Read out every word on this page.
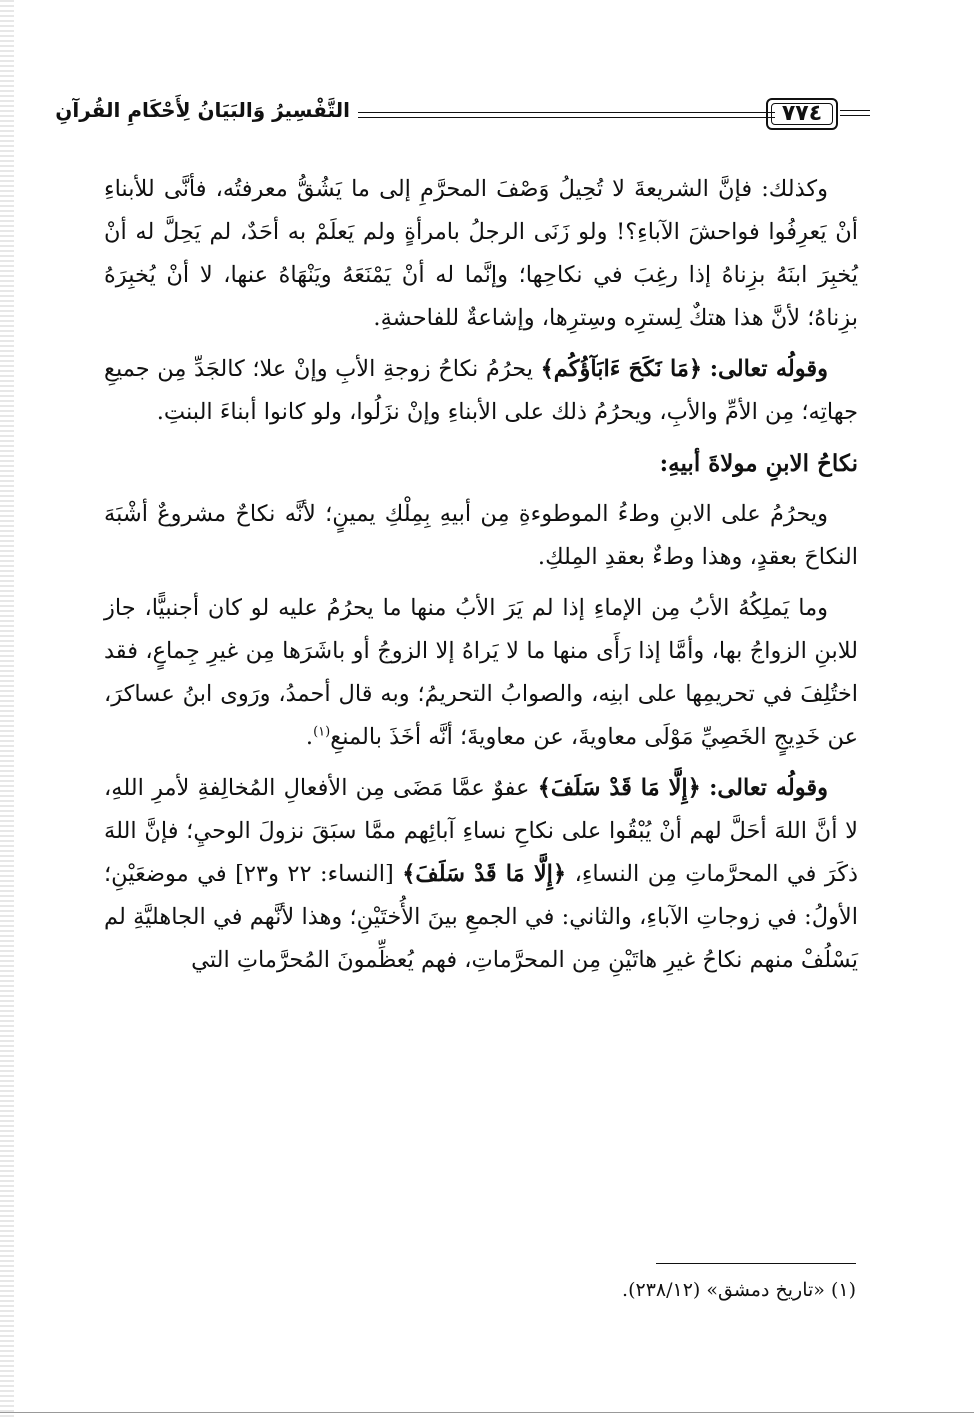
التَّفْسِيرُ وَالبَيَانُ لِأَحْكَامِ القُرآنِ	٧٧٤

وكذلك: فإنَّ الشريعةَ لا تُحِيلُ وَصْفَ المحرَّمِ إلى ما يَشُقُّ معرفتُه، فأنَّى للأبناءِ أنْ يَعرِفُوا فواحشَ الآباءِ؟! ولو زَنَى الرجلُ بامرأةٍ ولم يَعلَمْ به أحَدٌ، لم يَحِلَّ له أنْ يُخبِرَ ابنَهُ بزِناهُ إذا رغِبَ في نكاحِها؛ وإنَّما له أنْ يَمْنَعَهُ ويَنْهَاهُ عنها، لا أنْ يُخبِرَهُ بزِناهُ؛ لأنَّ هذا هتكٌ لِسترِه وسِترِها، وإشاعةٌ للفاحشةِ.

وقولُه تعالى: ﴿مَا نَكَحَ ءَابَآؤُكُم﴾ يحرُمُ نكاحُ زوجةِ الأبِ وإنْ علا؛ كالجَدِّ مِن جميعِ جهاتِه؛ مِن الأمِّ والأبِ، ويحرُمُ ذلك على الأبناءِ وإنْ نزَلُوا، ولو كانوا أبناءَ البنتِ.

نكاحُ الابنِ مولاةَ أبيهِ:

ويحرُمُ على الابنِ وطءُ الموطوءةِ مِن أبيهِ بِمِلْكِ يمينٍ؛ لأنَّه نكاحٌ مشروعٌ أشْبَهَ النكاحَ بعقدٍ، وهذا وطءٌ بعقدِ المِلكِ.

وما يَملِكُهُ الأبُ مِن الإماءِ إذا لم يَرَ الأبُ منها ما يحرُمُ عليه لو كان أجنبيًّا، جاز للابنِ الزواجُ بها، وأمَّا إذا رَأَى منها ما لا يَراهُ إلا الزوجُ أو باشَرَها مِن غيرِ جِماعٍ، فقد اختُلِفَ في تحريمِها على ابنِه، والصوابُ التحريمُ؛ وبه قال أحمدُ، ورَوى ابنُ عساكرَ، عن خَدِيجٍ الخَصِيِّ مَوْلَى معاويةَ، عن معاويةَ؛ أنَّه أخَذَ بالمنعِ$^{(١)}$.

وقولُه تعالى: ﴿إِلَّا مَا قَدْ سَلَفَ﴾ عفوٌ عمَّا مَضَى مِن الأفعالِ المُخالِفةِ لأمرِ اللهِ، لا أنَّ اللهَ أحَلَّ لهم أنْ يُبْقُوا على نكاحِ نساءِ آبائِهم ممَّا سبَقَ نزولَ الوحيِ؛ فإنَّ اللهَ ذكَرَ في المحرَّماتِ مِن النساءِ، ﴿إِلَّا مَا قَدْ سَلَفَ﴾ [النساء: ٢٢ و٢٣] في موضعَيْنِ؛ الأولُ: في زوجاتِ الآباءِ، والثاني: في الجمعِ بينَ الأُختَيْنِ؛ وهذا لأنَّهم في الجاهليَّةِ لم يَسْلُفْ منهم نكاحُ غيرِ هاتَيْنِ مِن المحرَّماتِ، فهم يُعظِّمونَ المُحرَّماتِ التي

(١) «تاريخ دمشق» (٢٣٨/١٢).
